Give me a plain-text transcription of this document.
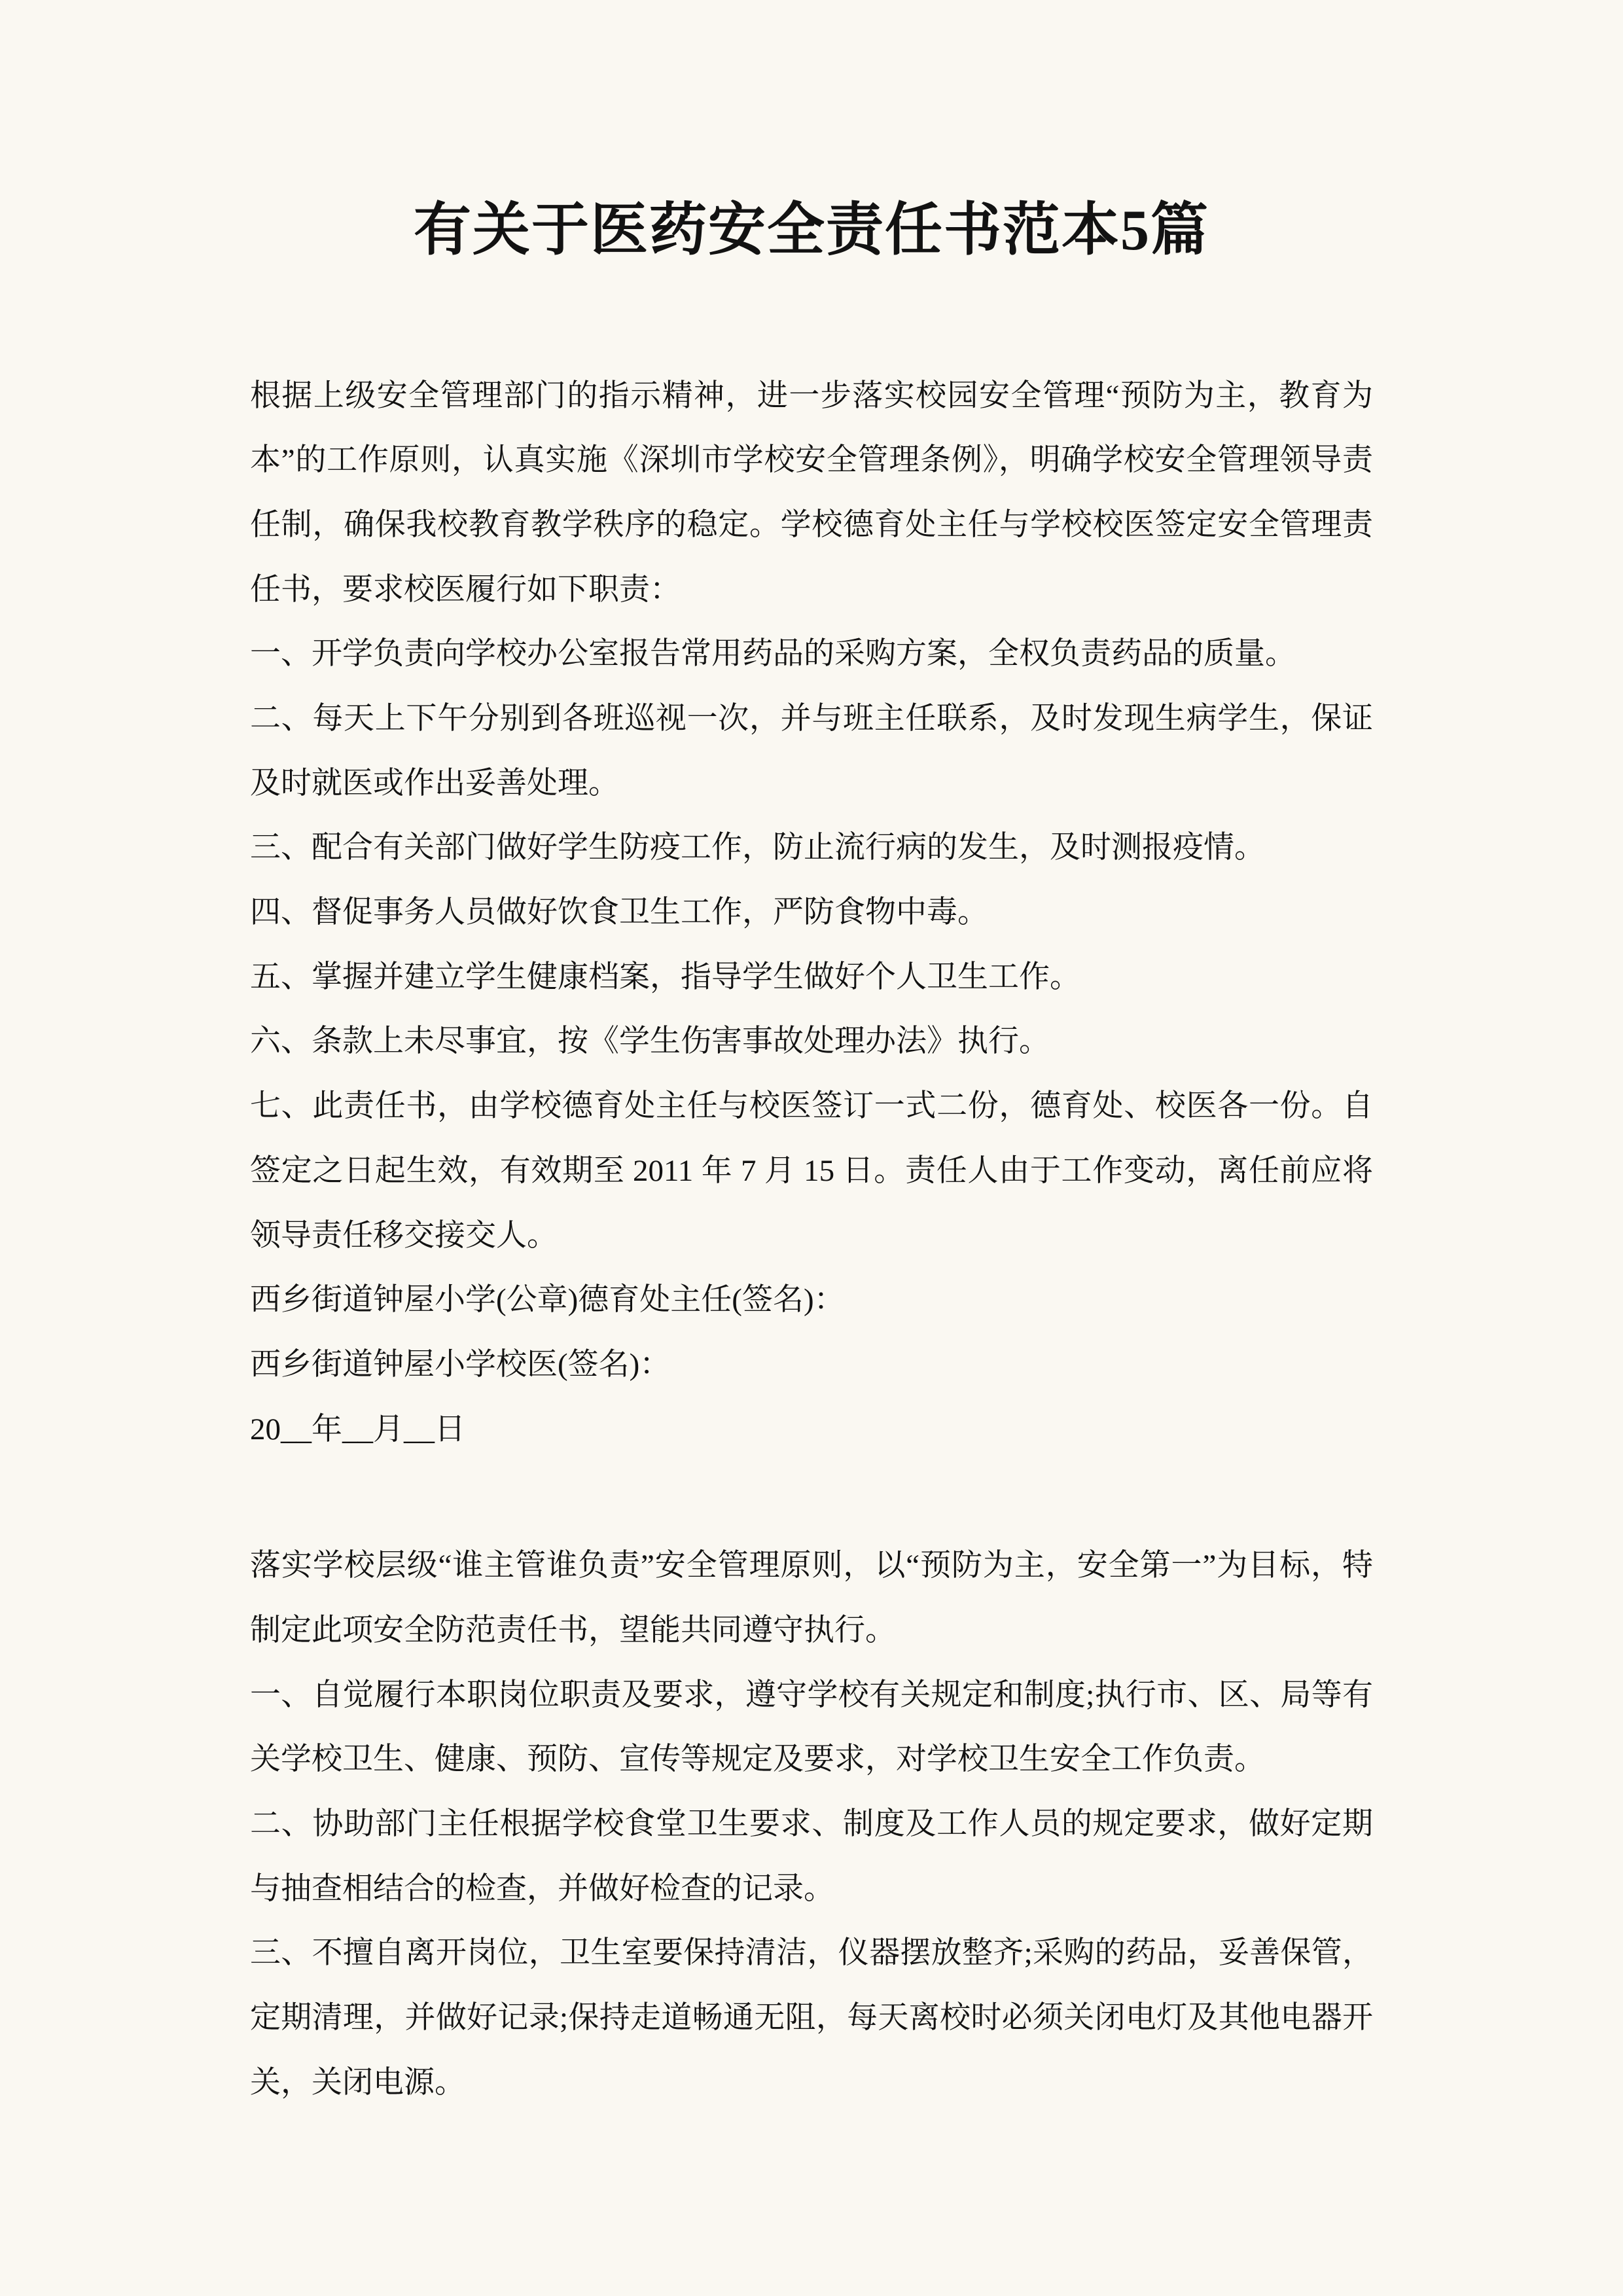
有关于医药安全责任书范本5篇

根据上级安全管理部门的指示精神，进一步落实校园安全管理“预防为主，教育为本”的工作原则，认真实施《深圳市学校安全管理条例》，明确学校安全管理领导责任制，确保我校教育教学秩序的稳定。学校德育处主任与学校校医签定安全管理责任书，要求校医履行如下职责：

一、开学负责向学校办公室报告常用药品的采购方案，全权负责药品的质量。

二、每天上下午分别到各班巡视一次，并与班主任联系，及时发现生病学生，保证及时就医或作出妥善处理。

三、配合有关部门做好学生防疫工作，防止流行病的发生，及时测报疫情。

四、督促事务人员做好饮食卫生工作，严防食物中毒。

五、掌握并建立学生健康档案，指导学生做好个人卫生工作。

六、条款上未尽事宜，按《学生伤害事故处理办法》执行。

七、此责任书，由学校德育处主任与校医签订一式二份，德育处、校医各一份。自签定之日起生效，有效期至 2011 年 7 月 15 日。责任人由于工作变动，离任前应将领导责任移交接交人。

西乡街道钟屋小学(公章)德育处主任(签名)：

西乡街道钟屋小学校医(签名)：

20__年__月__日

落实学校层级“谁主管谁负责”安全管理原则，以“预防为主，安全第一”为目标，特制定此项安全防范责任书，望能共同遵守执行。

一、自觉履行本职岗位职责及要求，遵守学校有关规定和制度;执行市、区、局等有关学校卫生、健康、预防、宣传等规定及要求，对学校卫生安全工作负责。

二、协助部门主任根据学校食堂卫生要求、制度及工作人员的规定要求，做好定期与抽查相结合的检查，并做好检查的记录。

三、不擅自离开岗位，卫生室要保持清洁，仪器摆放整齐;采购的药品，妥善保管，定期清理，并做好记录;保持走道畅通无阻，每天离校时必须关闭电灯及其他电器开关，关闭电源。
